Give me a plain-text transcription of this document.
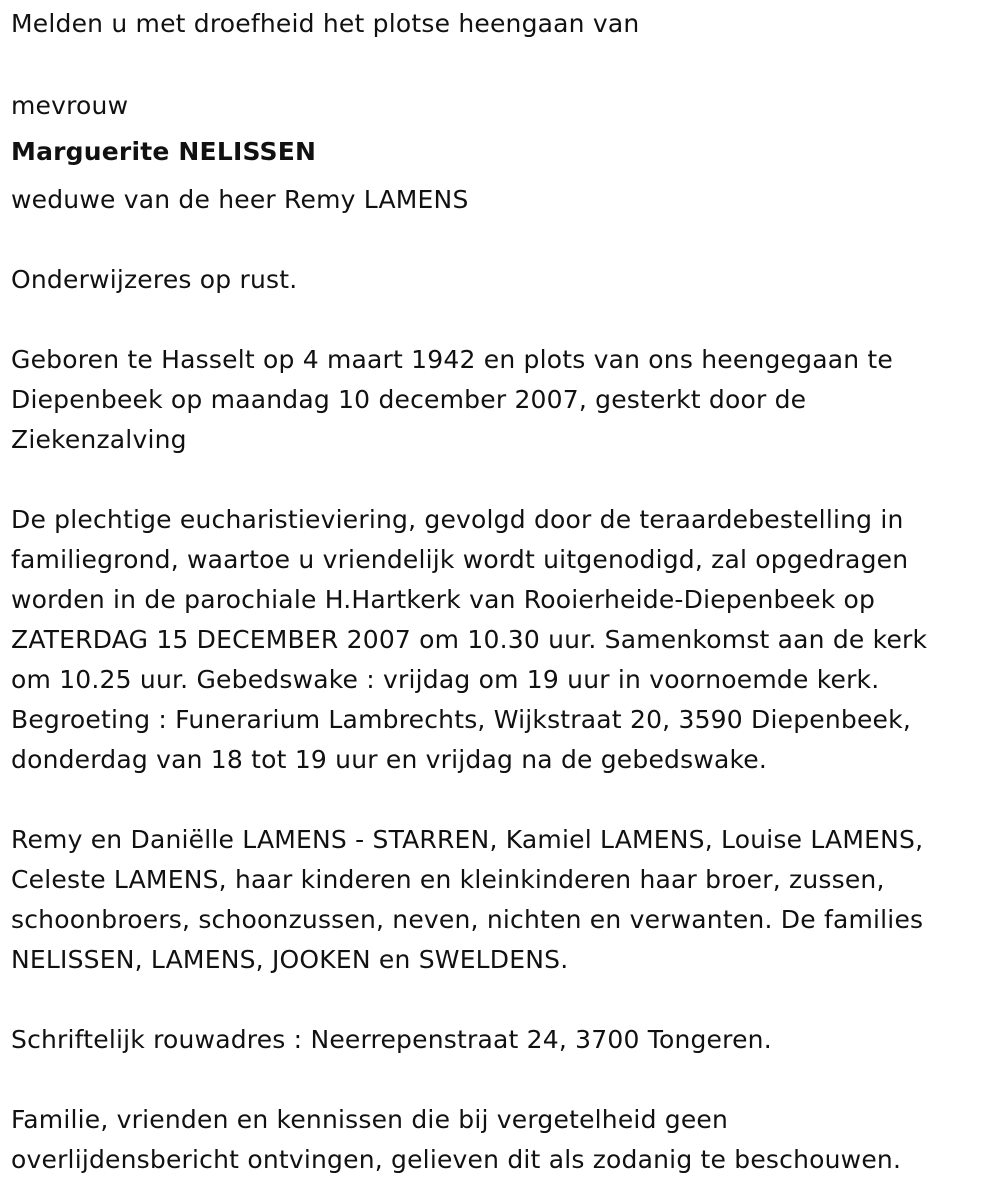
Melden u met droefheid het plotse heengaan van

mevrouw

Marguerite NELISSEN

weduwe van de heer Remy LAMENS

Onderwijzeres op rust.

Geboren te Hasselt op 4 maart 1942 en plots van ons heengegaan te

Diepenbeek op maandag 10 december 2007, gesterkt door de

Ziekenzalving

De plechtige eucharistieviering, gevolgd door de teraardebestelling in

familiegrond, waartoe u vriendelijk wordt uitgenodigd, zal opgedragen

worden in de parochiale H.Hartkerk van Rooierheide-Diepenbeek op

ZATERDAG 15 DECEMBER 2007 om 10.30 uur. Samenkomst aan de kerk

om 10.25 uur. Gebedswake : vrijdag om 19 uur in voornoemde kerk.

Begroeting : Funerarium Lambrechts, Wijkstraat 20, 3590 Diepenbeek,

donderdag van 18 tot 19 uur en vrijdag na de gebedswake.

Remy en Daniëlle LAMENS - STARREN, Kamiel LAMENS, Louise LAMENS,

Celeste LAMENS, haar kinderen en kleinkinderen haar broer, zussen,

schoonbroers, schoonzussen, neven, nichten en verwanten. De families

NELISSEN, LAMENS, JOOKEN en SWELDENS.

Schriftelijk rouwadres : Neerrepenstraat 24, 3700 Tongeren.

Familie, vrienden en kennissen die bij vergetelheid geen

overlijdensbericht ontvingen, gelieven dit als zodanig te beschouwen.
